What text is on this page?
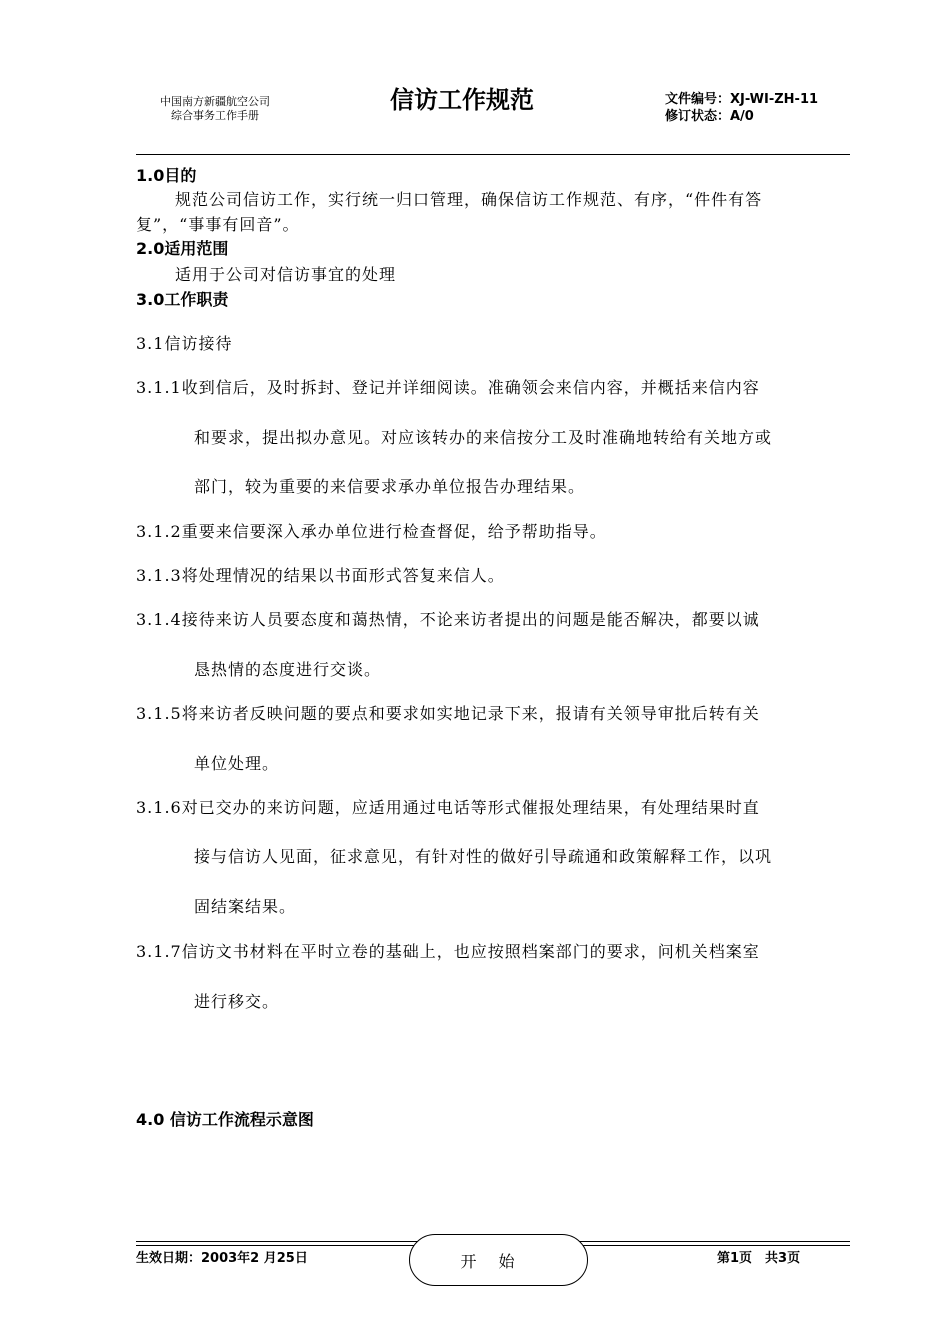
中国南方新疆航空公司
综合事务工作手册
信访工作规范	文件编号：XJ-WI-ZH-11
修订状态：A/0
1.0目的
规范公司信访工作，实行统一归口管理，确保信访工作规范、有序，“件件有答
复”，“事事有回音”。
2.0适用范围
适用于公司对信访事宜的处理
3.0工作职责
3.1信访接待
3.1.1收到信后，及时拆封、登记并详细阅读。准确领会来信内容，并概括来信内容
和要求，提出拟办意见。对应该转办的来信按分工及时准确地转给有关地方或
部门，较为重要的来信要求承办单位报告办理结果。
3.1.2重要来信要深入承办单位进行检查督促，给予帮助指导。
3.1.3将处理情况的结果以书面形式答复来信人。
3.1.4接待来访人员要态度和蔼热情，不论来访者提出的问题是能否解决，都要以诚
恳热情的态度进行交谈。
3.1.5将来访者反映问题的要点和要求如实地记录下来，报请有关领导审批后转有关
单位处理。
3.1.6对已交办的来访问题，应适用通过电话等形式催报处理结果，有处理结果时直
接与信访人见面，征求意见，有针对性的做好引导疏通和政策解释工作，以巩
固结案结果。
3.1.7信访文书材料在平时立卷的基础上，也应按照档案部门的要求，问机关档案室
进行移交。
4.0 信访工作流程示意图
生效日期：2003年2 月25日	第1页　共3页
开始
